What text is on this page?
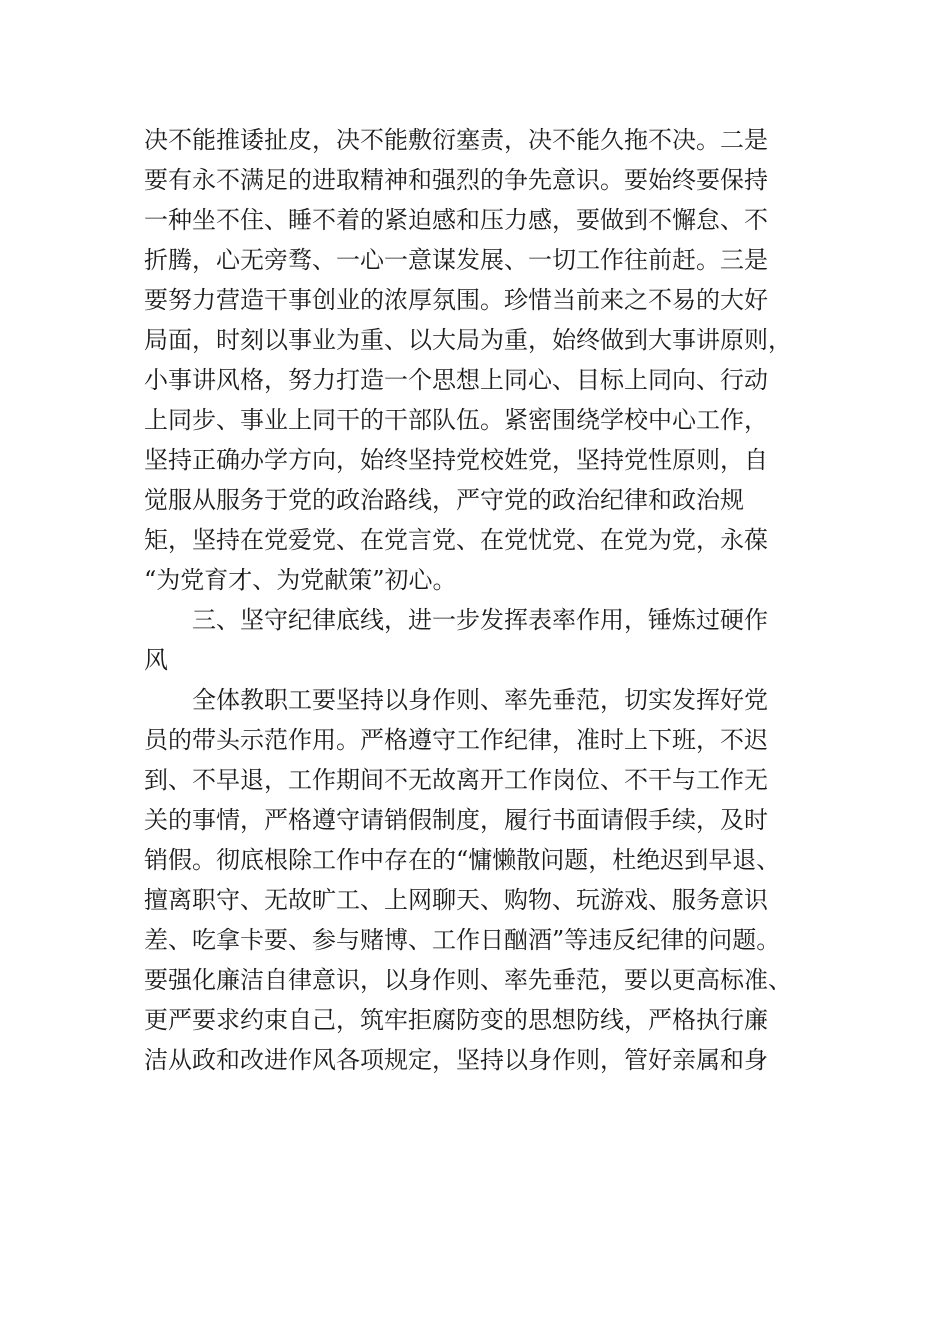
决不能推诿扯皮，决不能敷衍塞责，决不能久拖不决。二是
要有永不满足的进取精神和强烈的争先意识。要始终要保持
一种坐不住、睡不着的紧迫感和压力感，要做到不懈怠、不
折腾，心无旁骛、一心一意谋发展、一切工作往前赶。三是
要努力营造干事创业的浓厚氛围。珍惜当前来之不易的大好
局面，时刻以事业为重、以大局为重，始终做到大事讲原则，
小事讲风格，努力打造一个思想上同心、目标上同向、行动
上同步、事业上同干的干部队伍。紧密围绕学校中心工作，
坚持正确办学方向，始终坚持党校姓党，坚持党性原则，自
觉服从服务于党的政治路线，严守党的政治纪律和政治规
矩，坚持在党爱党、在党言党、在党忧党、在党为党，永葆
“为党育才、为党献策”初心。
三、坚守纪律底线，进一步发挥表率作用，锤炼过硬作
风
全体教职工要坚持以身作则、率先垂范，切实发挥好党
员的带头示范作用。严格遵守工作纪律，准时上下班，不迟
到、不早退，工作期间不无故离开工作岗位、不干与工作无
关的事情，严格遵守请销假制度，履行书面请假手续，及时
销假。彻底根除工作中存在的“慵懒散问题，杜绝迟到早退、
擅离职守、无故旷工、上网聊天、购物、玩游戏、服务意识
差、吃拿卡要、参与赌博、工作日酗酒”等违反纪律的问题。
要强化廉洁自律意识，以身作则、率先垂范，要以更高标准、
更严要求约束自己，筑牢拒腐防变的思想防线，严格执行廉
洁从政和改进作风各项规定，坚持以身作则，管好亲属和身
